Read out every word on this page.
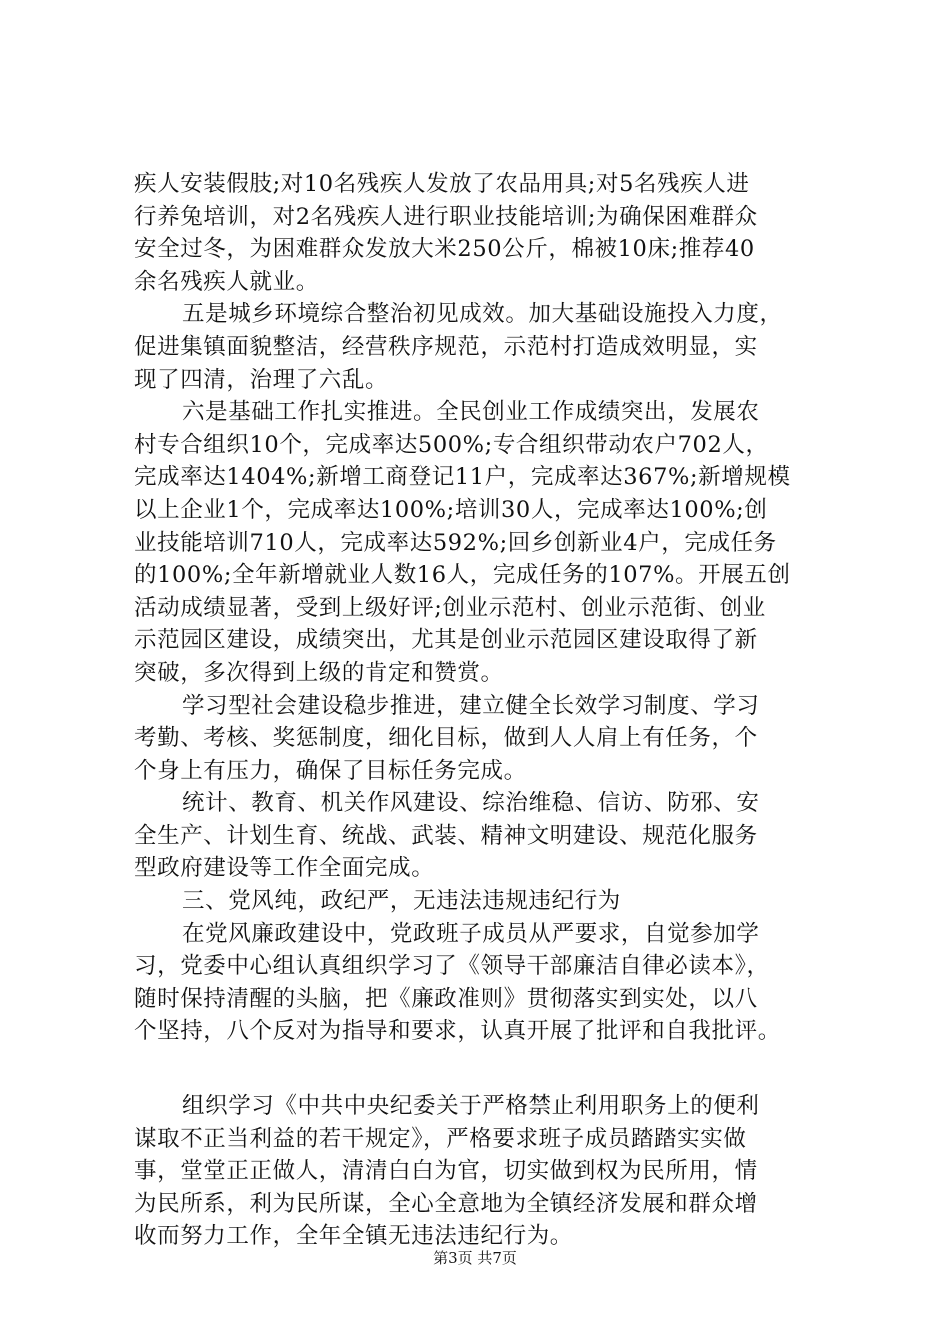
疾人安装假肢;对10名残疾人发放了农品用具;对5名残疾人进
行养兔培训，对2名残疾人进行职业技能培训;为确保困难群众
安全过冬，为困难群众发放大米250公斤，棉被10床;推荐40
余名残疾人就业。
五是城乡环境综合整治初见成效。加大基础设施投入力度，
促进集镇面貌整洁，经营秩序规范，示范村打造成效明显，实
现了四清，治理了六乱。
六是基础工作扎实推进。全民创业工作成绩突出，发展农
村专合组织10个，完成率达500%;专合组织带动农户702人，
完成率达1404%;新增工商登记11户，完成率达367%;新增规模
以上企业1个，完成率达100%;培训30人，完成率达100%;创
业技能培训710人，完成率达592%;回乡创新业4户，完成任务
的100%;全年新增就业人数16人，完成任务的107%。开展五创
活动成绩显著，受到上级好评;创业示范村、创业示范街、创业
示范园区建设，成绩突出，尤其是创业示范园区建设取得了新
突破，多次得到上级的肯定和赞赏。
学习型社会建设稳步推进，建立健全长效学习制度、学习
考勤、考核、奖惩制度，细化目标，做到人人肩上有任务，个
个身上有压力，确保了目标任务完成。
统计、教育、机关作风建设、综治维稳、信访、防邪、安
全生产、计划生育、统战、武装、精神文明建设、规范化服务
型政府建设等工作全面完成。
三、党风纯，政纪严，无违法违规违纪行为
在党风廉政建设中，党政班子成员从严要求，自觉参加学
习，党委中心组认真组织学习了《领导干部廉洁自律必读本》，
随时保持清醒的头脑，把《廉政准则》贯彻落实到实处，以八
个坚持，八个反对为指导和要求，认真开展了批评和自我批评。
组织学习《中共中央纪委关于严格禁止利用职务上的便利
谋取不正当利益的若干规定》，严格要求班子成员踏踏实实做
事，堂堂正正做人，清清白白为官，切实做到权为民所用，情
为民所系，利为民所谋，全心全意地为全镇经济发展和群众增
收而努力工作，全年全镇无违法违纪行为。
第3页 共7页
